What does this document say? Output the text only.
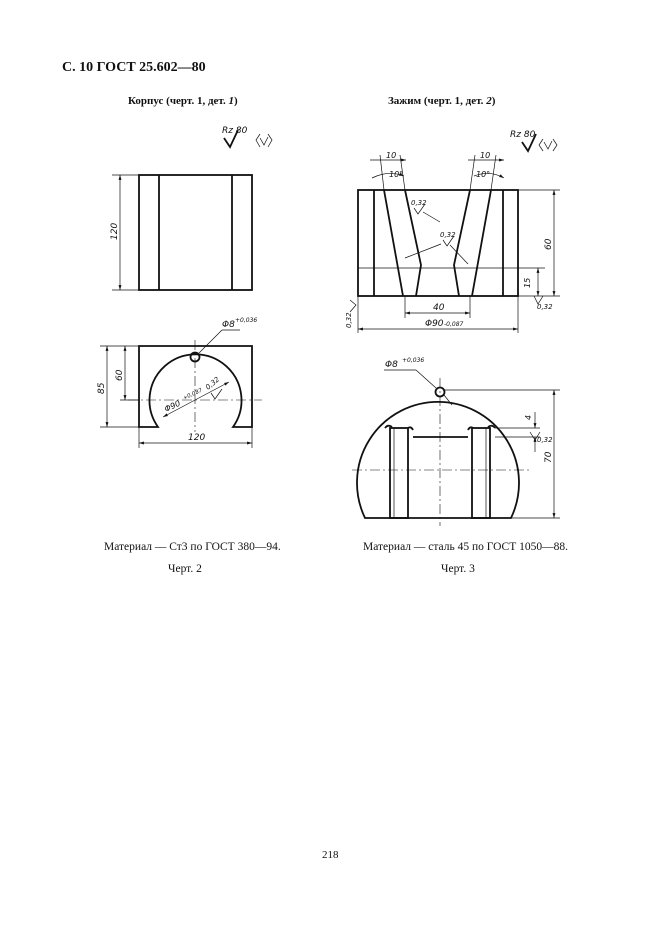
С. 10 ГОСТ 25.602—80
Корпус (черт. 1, дет. 1)	Зажим (черт. 1, дет. 2)
Rz 80
120
Φ8 +0,036
85
60
Φ90
+0,087
0,32
120
Rz 80
10
10°
10
10°
0,32
0,32
60
15
0,32
0,32
40
Φ90 -0,087
Φ8 +0,036
70
4
0,32
Материал — Ст3 по ГОСТ 380—94.
Черт. 2
Материал — сталь 45 по ГОСТ 1050—88.
Черт. 3
218
